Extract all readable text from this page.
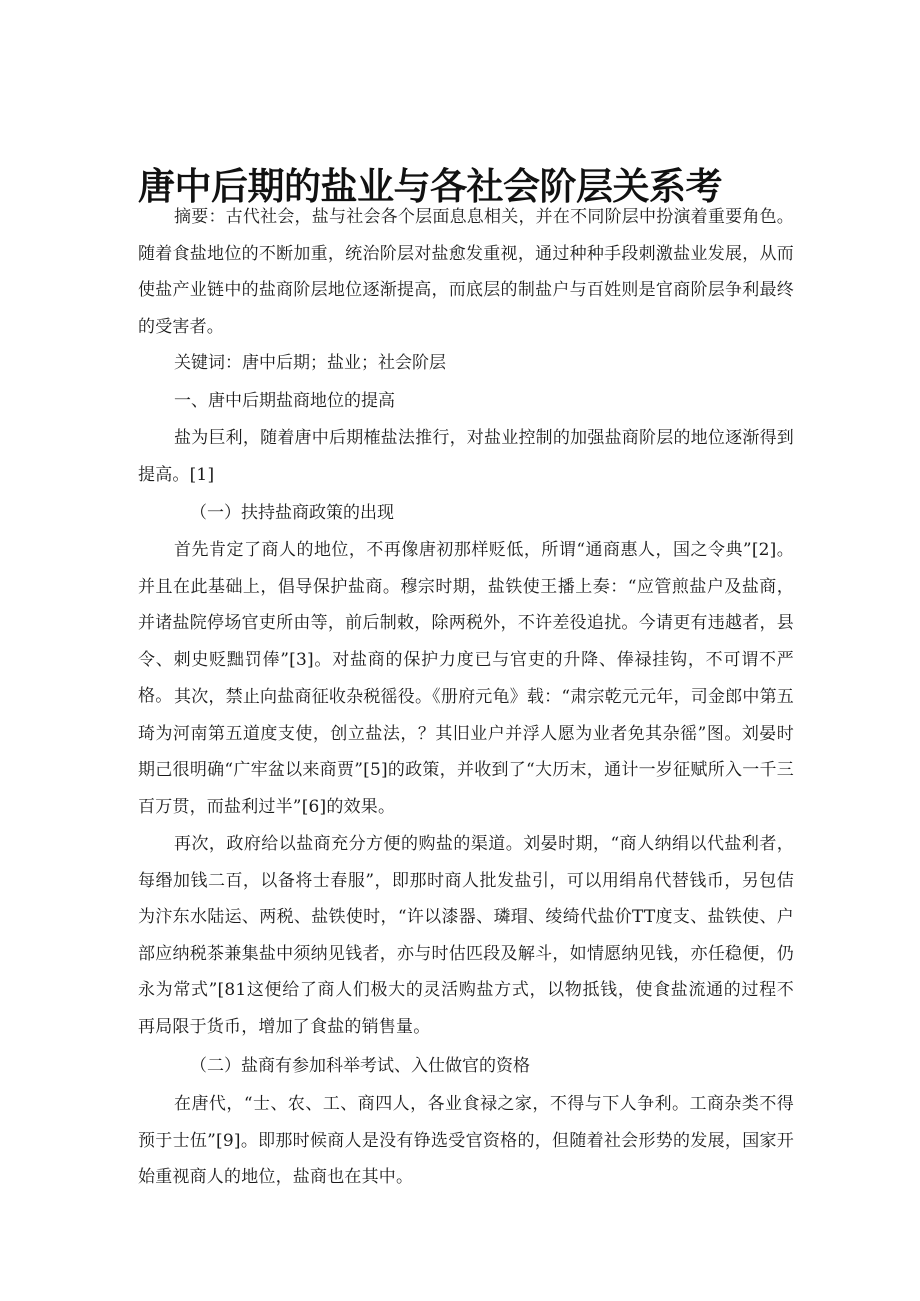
唐中后期的盐业与各社会阶层关系考

摘要：古代社会，盐与社会各个层面息息相关，并在不同阶层中扮演着重要角色。随着食盐地位的不断加重，统治阶层对盐愈发重视，通过种种手段刺激盐业发展，从而使盐产业链中的盐商阶层地位逐渐提高，而底层的制盐户与百姓则是官商阶层争利最终的受害者。

关键词：唐中后期；盐业；社会阶层

一、唐中后期盐商地位的提高

盐为巨利，随着唐中后期榷盐法推行，对盐业控制的加强盐商阶层的地位逐渐得到提高。[1]

（一）扶持盐商政策的出现

首先肯定了商人的地位，不再像唐初那样贬低，所谓“通商惠人，国之令典”[2]。并且在此基础上，倡导保护盐商。穆宗时期，盐铁使王播上奏：“应管煎盐户及盐商，并诸盐院停场官吏所由等，前后制敕，除两税外，不许差役追扰。今请更有违越者，县令、刺史贬黜罚俸”[3]。对盐商的保护力度已与官吏的升降、俸禄挂钩，不可谓不严格。 其次，禁止向盐商征收杂税徭役。《册府元龟》载：“肃宗乾元元年，司金郎中第五琦为河南第五道度支使，创立盐法，？其旧业户并浮人愿为业者免其杂徭”图。刘晏时期己很明确“广牢盆以来商贾”[5]的政策，并收到了“大历末，通计一岁征赋所入一千三百万贯，而盐利过半”[6]的效果。

再次，政府给以盐商充分方便的购盐的渠道。刘晏时期，“商人纳绢以代盐利者，每缗加钱二百，以备将士春服”，即那时商人批发盐引，可以用绢帛代替钱币，另包佶为汴东水陆运、两税、盐铁使时，“许以漆器、璘瑁、绫绮代盐价TT度支、盐铁使、户部应纳税茶兼集盐中须纳见钱者，亦与时估匹段及解斗，如情愿纳见钱，亦任稳便，仍永为常式”[81这便给了商人们极大的灵活购盐方式，以物抵钱，使食盐流通的过程不再局限于货币，增加了食盐的销售量。

（二）盐商有参加科举考试、入仕做官的资格

在唐代，“士、农、工、商四人，各业食禄之家，不得与下人争利。工商杂类不得预于士伍”[9]。即那时候商人是没有铮选受官资格的，但随着社会形势的发展，国家开始重视商人的地位，盐商也在其中。
